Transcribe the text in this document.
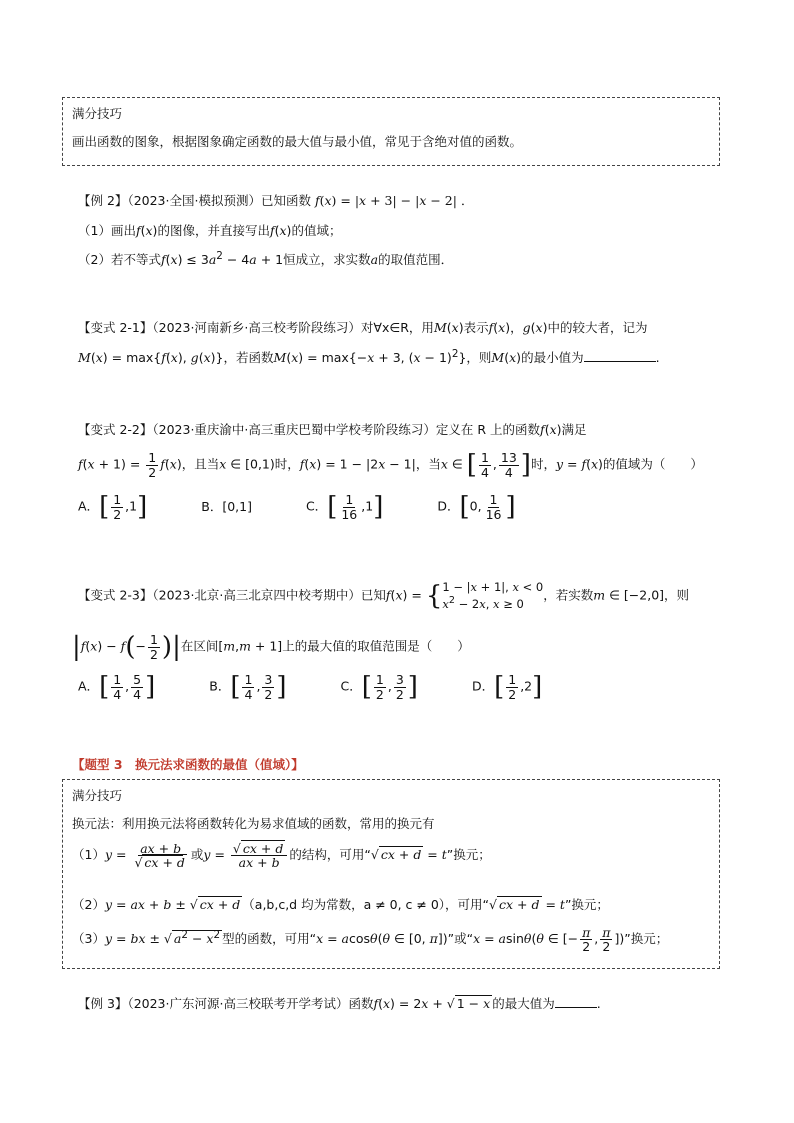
满分技巧
画出函数的图象，根据图象确定函数的最大值与最小值，常见于含绝对值的函数。
【例 2】（2023·全国·模拟预测）已知函数 f(x) = |x + 3| − |x − 2| ．
（1）画出f(x)的图像，并直接写出f(x)的值域；
（2）若不等式$f(x) \le 3a^2 - 4a + 1$恒成立，求实数a的取值范围．
【变式 2-1】（2023·河南新乡·高三校考阶段练习）对∀x∈R，用M(x)表示f(x)，g(x)中的较大者，记为
M(x) = max{f(x), g(x)}，若函数M(x) = max{−x + 3, $(x - 1)^2$}，则M(x)的最小值为	.
【变式 2-2】（2023·重庆渝中·高三重庆巴蜀中学校考阶段练习）定义在 R 上的函数f(x)满足
$f(x + 1) = \frac{1}{2} f(x)$，且当x ∈ [0,1)时，f(x) = 1 − |2x − 1|，当x ∈ [ $\frac{1}{4}$ , $\frac{13}{4}$ ]时，y = f(x)的值域为（　　）
A．[ $\frac{1}{2} ,1$]	B．[0,1]	C．[ $\frac{1}{16} ,1$]	D．[0, $\frac{1}{16}$ ]
【变式 2-3】（2023·北京·高三北京四中校考期中）已知f(x) = { 1 − |x + 1|, x < 0
$x^2 - 2x$, x ≥ 0
，若实数m ∈ [−2,0]，则
$|f(x) - f(- \frac{1}{2}$ )|在区间[m,m + 1]上的最大值的取值范围是（　　）
A．[ $\frac{1}{4}$ , $\frac{5}{4}$ ]	B．[ $\frac{1}{4}$ , $\frac{3}{2}$ ]	C．[ $\frac{1}{2}$ , $\frac{3}{2}$ ]	D．[ $\frac{1}{2} ,2$]
【题型 3　换元法求函数的最值（值域）】
满分技巧
换元法：利用换元法将函数转化为易求值域的函数，常用的换元有
$(1)y = \frac{ax + b}{√ cx + d}$ 或$y = \frac{√ cx + d}{ax + b}$ 的结构，可用“√ cx + d = t”换元；
（2）y = ax + b ± √ cx + d （a,b,c,d 均为常数，a ≠ 0, c ≠ 0），可用“√ cx + d = t”换元；
（3）y = bx ± √ $a^2 - x^2$ 型的函数，可用“x = acosθ(θ ∈ [0, π])”或“x = asinθ(θ ∈ [− $\frac{\pi}{2}$ , $\frac{\pi}{2}$ ])”换元；
【例 3】（2023·广东河源·高三校联考开学考试）函数f(x) = 2x + √ 1 − x 的最大值为	.
